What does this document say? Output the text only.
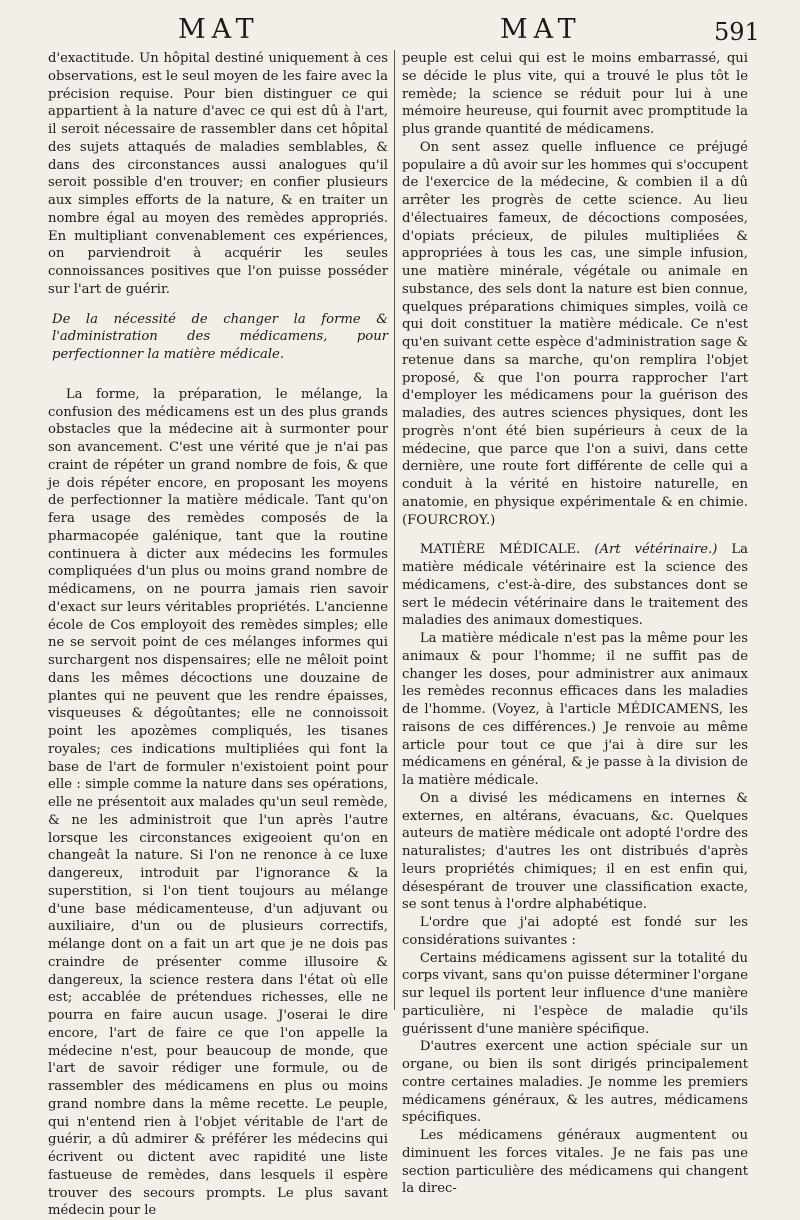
MAT	MAT	591

d'exactitude. Un hôpital destiné uniquement à ces observations, est le seul moyen de les faire avec la précision requise. Pour bien distinguer ce qui appartient à la nature d'avec ce qui est dû à l'art, il seroit nécessaire de rassembler dans cet hôpital des sujets attaqués de maladies semblables, & dans des circonstances aussi analogues qu'il seroit possible d'en trouver; en confier plusieurs aux simples efforts de la nature, & en traiter un nombre égal au moyen des remèdes appropriés. En multipliant convenablement ces expériences, on parviendroit à acquérir les seules connoissances positives que l'on puisse posséder sur l'art de guérir.

De la nécessité de changer la forme & l'administration des médicamens, pour perfectionner la matière médicale.

La forme, la préparation, le mélange, la confusion des médicamens est un des plus grands obstacles que la médecine ait à surmonter pour son avancement. C'est une vérité que je n'ai pas craint de répéter un grand nombre de fois, & que je dois répéter encore, en proposant les moyens de perfectionner la matière médicale. Tant qu'on fera usage des remèdes composés de la pharmacopée galénique, tant que la routine continuera à dicter aux médecins les formules compliquées d'un plus ou moins grand nombre de médicamens, on ne pourra jamais rien savoir d'exact sur leurs véritables propriétés. L'ancienne école de Cos employoit des remèdes simples; elle ne se servoit point de ces mélanges informes qui surchargent nos dispensaires; elle ne mêloit point dans les mêmes décoctions une douzaine de plantes qui ne peuvent que les rendre épaisses, visqueuses & dégoûtantes; elle ne connoissoit point les apozèmes compliqués, les tisanes royales; ces indications multipliées qui font la base de l'art de formuler n'existoient point pour elle : simple comme la nature dans ses opérations, elle ne présentoit aux malades qu'un seul remède, & ne les administroit que l'un après l'autre lorsque les circonstances exigeoient qu'on en changeât la nature. Si l'on ne renonce à ce luxe dangereux, introduit par l'ignorance & la superstition, si l'on tient toujours au mélange d'une base médicamenteuse, d'un adjuvant ou auxiliaire, d'un ou de plusieurs correctifs, mélange dont on a fait un art que je ne dois pas craindre de présenter comme illusoire & dangereux, la science restera dans l'état où elle est; accablée de prétendues richesses, elle ne pourra en faire aucun usage. J'oserai le dire encore, l'art de faire ce que l'on appelle la médecine n'est, pour beaucoup de monde, que l'art de savoir rédiger une formule, ou de rassembler des médicamens en plus ou moins grand nombre dans la même recette. Le peuple, qui n'entend rien à l'objet véritable de l'art de guérir, a dû admirer & préférer les médecins qui écrivent ou dictent avec rapidité une liste fastueuse de remèdes, dans lesquels il espère trouver des secours prompts. Le plus savant médecin pour le

peuple est celui qui est le moins embarrassé, qui se décide le plus vite, qui a trouvé le plus tôt le remède; la science se réduit pour lui à une mémoire heureuse, qui fournit avec promptitude la plus grande quantité de médicamens.

On sent assez quelle influence ce préjugé populaire a dû avoir sur les hommes qui s'occupent de l'exercice de la médecine, & combien il a dû arrêter les progrès de cette science. Au lieu d'électuaires fameux, de décoctions composées, d'opiats précieux, de pilules multipliées & appropriées à tous les cas, une simple infusion, une matière minérale, végétale ou animale en substance, des sels dont la nature est bien connue, quelques préparations chimiques simples, voilà ce qui doit constituer la matière médicale. Ce n'est qu'en suivant cette espèce d'administration sage & retenue dans sa marche, qu'on remplira l'objet proposé, & que l'on pourra rapprocher l'art d'employer les médicamens pour la guérison des maladies, des autres sciences physiques, dont les progrès n'ont été bien supérieurs à ceux de la médecine, que parce que l'on a suivi, dans cette dernière, une route fort différente de celle qui a conduit à la vérité en histoire naturelle, en anatomie, en physique expérimentale & en chimie. (FOURCROY.)

MATIÈRE MÉDICALE. (Art vétérinaire.) La matière médicale vétérinaire est la science des médicamens, c'est-à-dire, des substances dont se sert le médecin vétérinaire dans le traitement des maladies des animaux domestiques.

La matière médicale n'est pas la même pour les animaux & pour l'homme; il ne suffit pas de changer les doses, pour administrer aux animaux les remèdes reconnus efficaces dans les maladies de l'homme. (Voyez, à l'article MÉDICAMENS, les raisons de ces différences.) Je renvoie au même article pour tout ce que j'ai à dire sur les médicamens en général, & je passe à la division de la matière médicale.

On a divisé les médicamens en internes & externes, en altérans, évacuans, &c. Quelques auteurs de matière médicale ont adopté l'ordre des naturalistes; d'autres les ont distribués d'après leurs propriétés chimiques; il en est enfin qui, désespérant de trouver une classification exacte, se sont tenus à l'ordre alphabétique.

L'ordre que j'ai adopté est fondé sur les considérations suivantes :

Certains médicamens agissent sur la totalité du corps vivant, sans qu'on puisse déterminer l'organe sur lequel ils portent leur influence d'une manière particulière, ni l'espèce de maladie qu'ils guérissent d'une manière spécifique.

D'autres exercent une action spéciale sur un organe, ou bien ils sont dirigés principalement contre certaines maladies. Je nomme les premiers médicamens généraux, & les autres, médicamens spécifiques.

Les médicamens généraux augmentent ou diminuent les forces vitales. Je ne fais pas une section particulière des médicamens qui changent la direc-
